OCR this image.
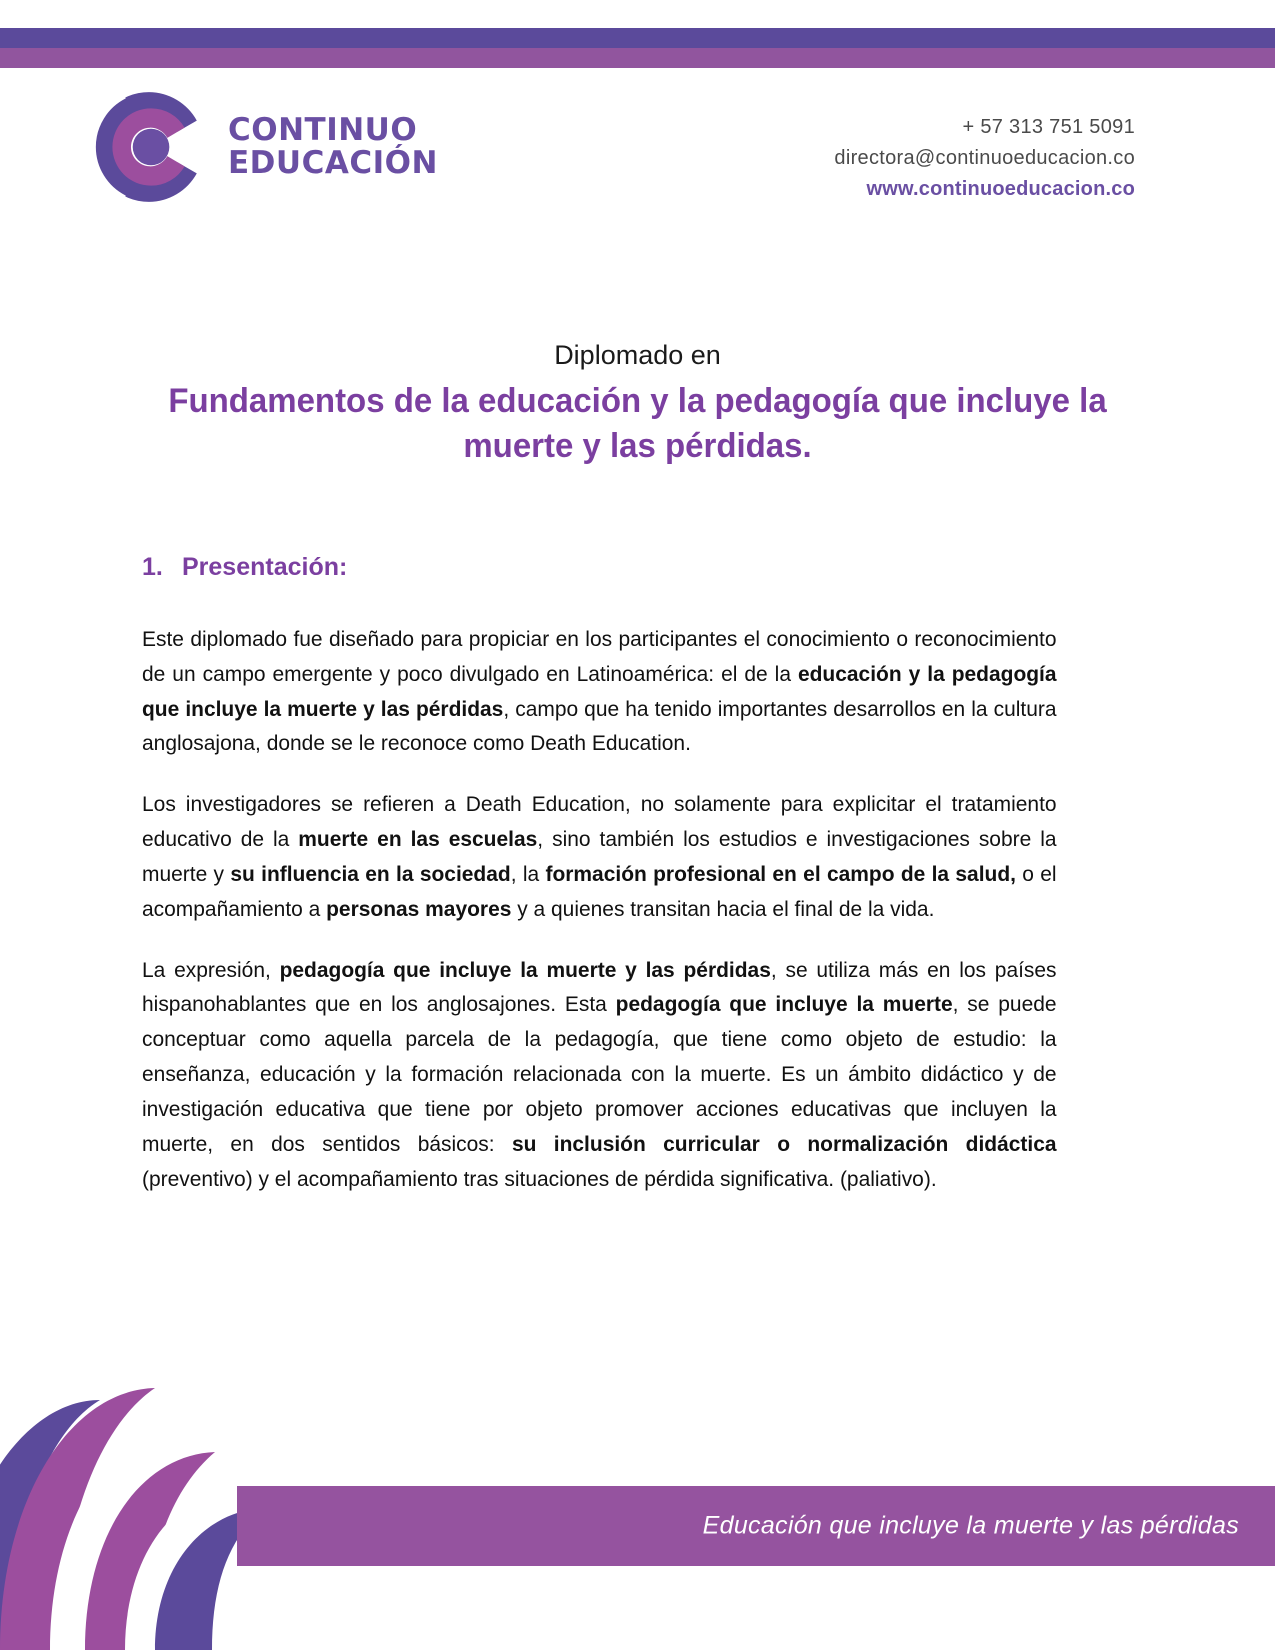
CONTINUO
EDUCACIÓN
+ 57 313 751 5091
directora@continuoeducacion.co
www.continuoeducacion.co
Diplomado en
Fundamentos de la educación y la pedagogía que incluye la muerte y las pérdidas.
1. Presentación:

Este diplomado fue diseñado para propiciar en los participantes el conocimiento o reconocimiento de un campo emergente y poco divulgado en Latinoamérica: el de la educación y la pedagogía que incluye la muerte y las pérdidas, campo que ha tenido importantes desarrollos en la cultura anglosajona, donde se le reconoce como Death Education.

Los investigadores se refieren a Death Education, no solamente para explicitar el tratamiento educativo de la muerte en las escuelas, sino también los estudios e investigaciones sobre la muerte y su influencia en la sociedad, la formación profesional en el campo de la salud, o el acompañamiento a personas mayores y a quienes transitan hacia el final de la vida.

La expresión, pedagogía que incluye la muerte y las pérdidas, se utiliza más en los países hispanohablantes que en los anglosajones. Esta pedagogía que incluye la muerte, se puede conceptuar como aquella parcela de la pedagogía, que tiene como objeto de estudio: la enseñanza, educación y la formación relacionada con la muerte. Es un ámbito didáctico y de investigación educativa que tiene por objeto promover acciones educativas que incluyen la muerte, en dos sentidos básicos: su inclusión curricular o normalización didáctica (preventivo) y el acompañamiento tras situaciones de pérdida significativa. (paliativo).

Educación que incluye la muerte y las pérdidas
